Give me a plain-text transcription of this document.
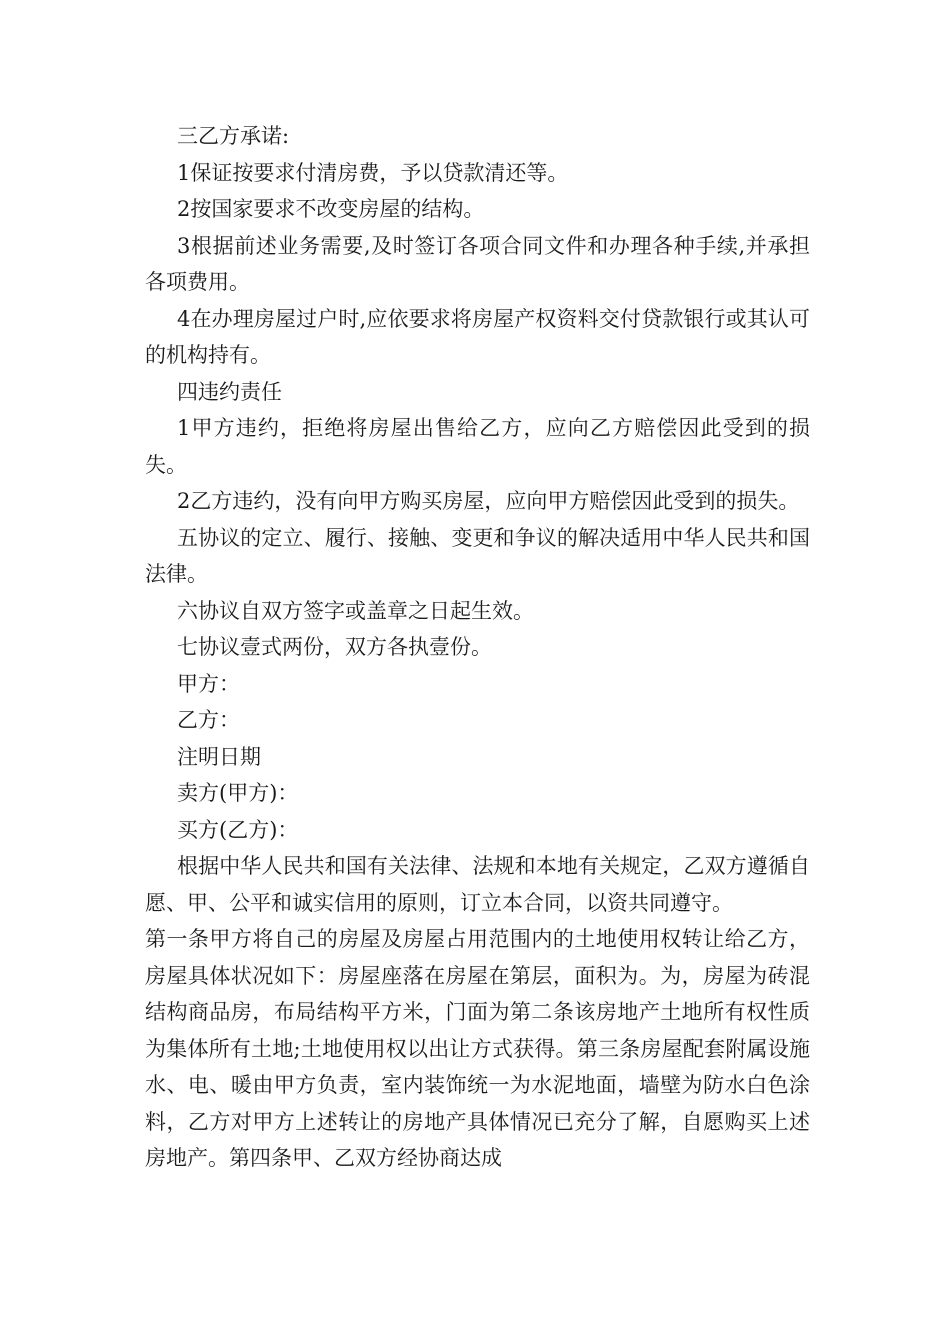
三乙方承诺:

1保证按要求付清房费，予以贷款清还等。

2按国家要求不改变房屋的结构。

3根据前述业务需要,及时签订各项合同文件和办理各种手续,并承担各项费用。

4在办理房屋过户时,应依要求将房屋产权资料交付贷款银行或其认可的机构持有。

四违约责任

1甲方违约，拒绝将房屋出售给乙方，应向乙方赔偿因此受到的损失。

2乙方违约，没有向甲方购买房屋，应向甲方赔偿因此受到的损失。

五协议的定立、履行、接触、变更和争议的解决适用中华人民共和国法律。

六协议自双方签字或盖章之日起生效。

七协议壹式两份，双方各执壹份。

甲方：

乙方：

注明日期

卖方(甲方)：

买方(乙方)：

根据中华人民共和国有关法律、法规和本地有关规定，乙双方遵循自愿、甲、公平和诚实信用的原则，订立本合同，以资共同遵守。

第一条甲方将自己的房屋及房屋占用范围内的土地使用权转让给乙方，房屋具体状况如下：房屋座落在房屋在第层，面积为。为，房屋为砖混结构商品房，布局结构平方米，门面为第二条该房地产土地所有权性质为集体所有土地;土地使用权以出让方式获得。第三条房屋配套附属设施水、电、暖由甲方负责，室内装饰统一为水泥地面，墙壁为防水白色涂料，乙方对甲方上述转让的房地产具体情况已充分了解，自愿购买上述房地产。第四条甲、乙双方经协商达成
